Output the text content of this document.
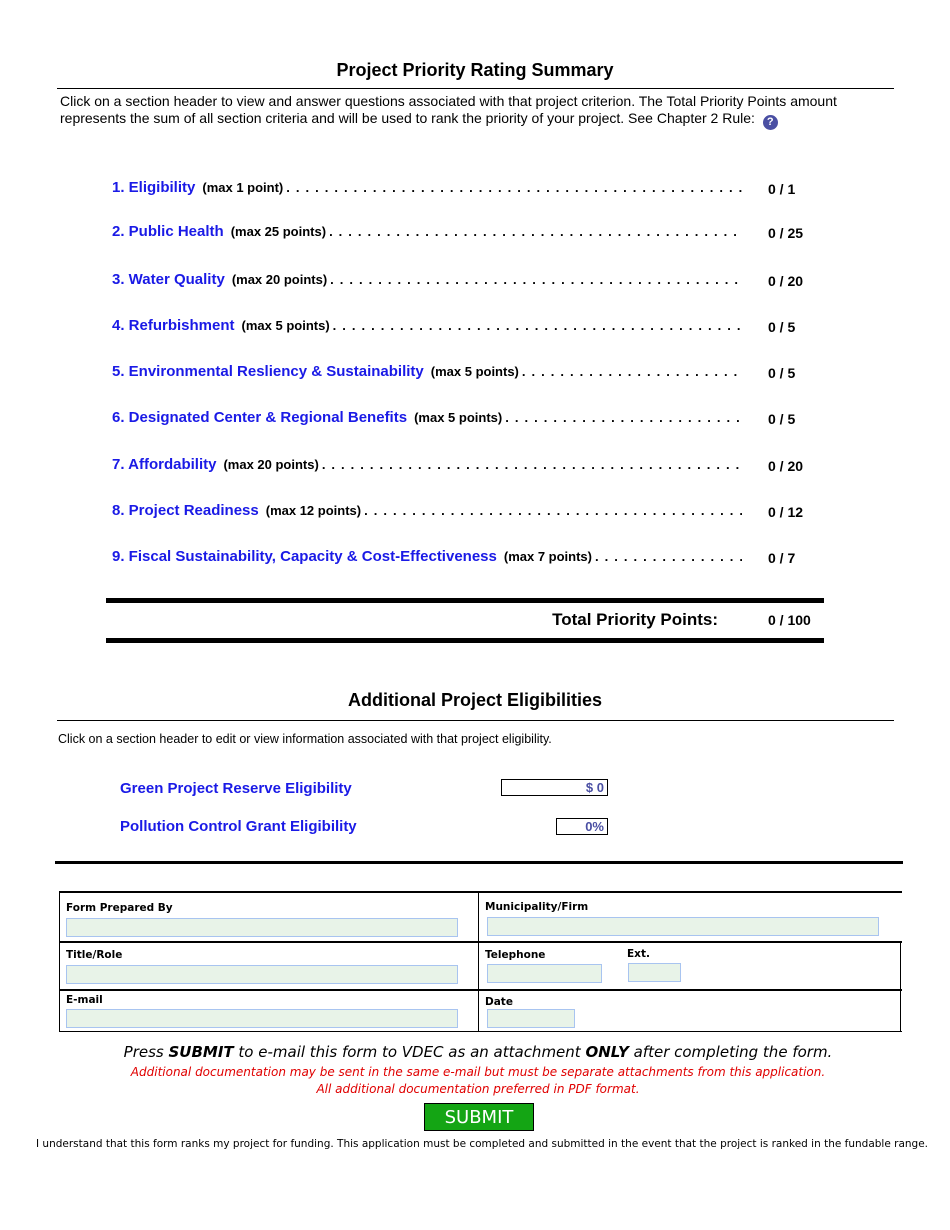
Project Priority Rating Summary
Click on a section header to view and answer questions associated with that project criterion. The Total Priority Points amount represents the sum of all section criteria and will be used to rank the priority of your project. See Chapter 2 Rule: ?
1. Eligibility (max 1 point) . . .	0 / 1
2. Public Health (max 25 points) . . .	0 / 25
3. Water Quality (max 20 points) . . .	0 / 20
4. Refurbishment (max 5 points) . . .	0 / 5
5. Environmental Resliency & Sustainability (max 5 points) . . .	0 / 5
6. Designated Center & Regional Benefits (max 5 points) . . .	0 / 5
7. Affordability (max 20 points) . . .	0 / 20
8. Project Readiness (max 12 points) . . .	0 / 12
9. Fiscal Sustainability, Capacity & Cost-Effectiveness (max 7 points) . . .	0 / 7
Total Priority Points:	0 / 100
Additional Project Eligibilities
Click on a section header to edit or view information associated with that project eligibility.
Green Project Reserve Eligibility	$ 0
Pollution Control Grant Eligibility	0%
Form Prepared By	Municipality/Firm
Title/Role	Telephone	Ext.
E-mail	Date
Press SUBMIT to e-mail this form to VDEC as an attachment ONLY after completing the form.
Additional documentation may be sent in the same e-mail but must be separate attachments from this application.
All additional documentation preferred in PDF format.
SUBMIT
I understand that this form ranks my project for funding. This application must be completed and submitted in the event that the project is ranked in the fundable range.
